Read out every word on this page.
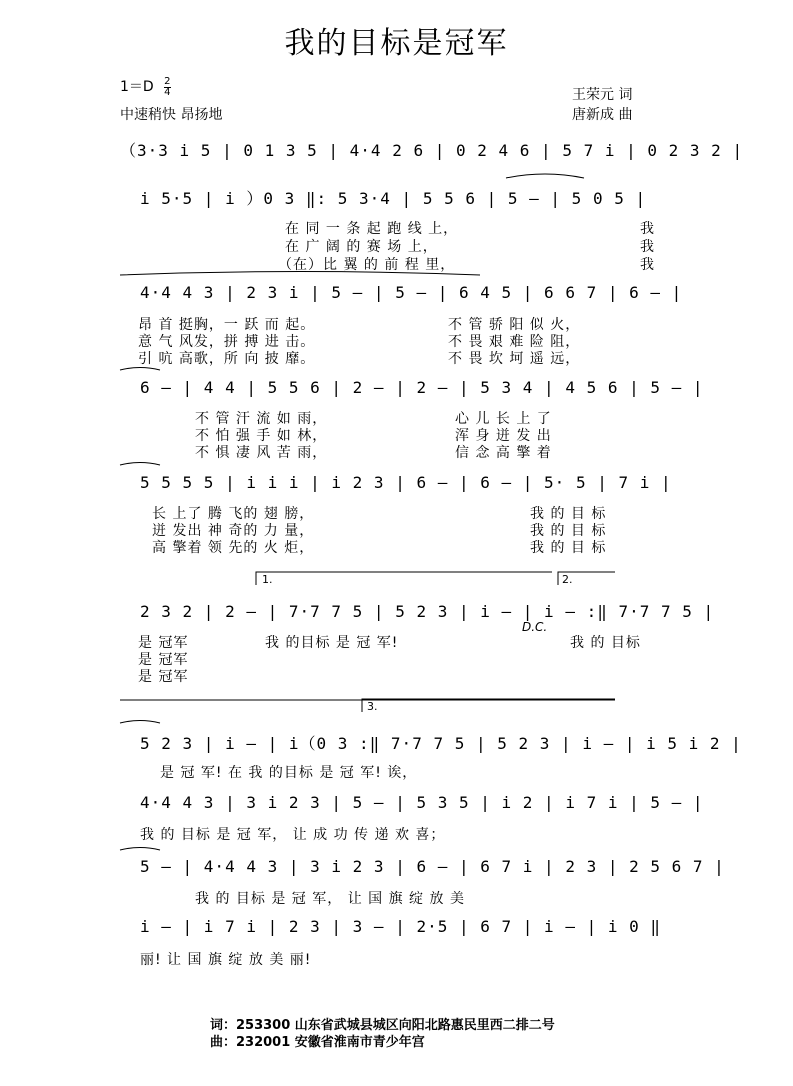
我的目标是冠军
$1=D \frac{2}{4}$
中速稍快 昂扬地
王荣元 词
唐新成 曲
（3·3 i 5 | 0 1 3 5 | 4·4 2 6 | 0 2 4 6 | 5 7 i | 0 2 3 2 |
i 5·5 | i ）0 3 ‖: 5 3·4 | 5 5 6 | 5 — | 5 0 5 |
4·4 4 3 | 2 3 i | 5 — | 5 — | 6 4 5 | 6 6 7 | 6 — |
6 — | 4 4 | 5 5 6 | 2 — | 2 — | 5 3 4 | 4 5 6 | 5 — |
5 5 5 5 | i i i | i 2 3 | 6 — | 6 — | 5· 5 | 7 i |
2 3 2 | 2 — | 7·7 7 5 | 5 2 3 | i — | i — :‖ 7·7 7 5 |
5 2 3 | i — | i（0 3 :‖ 7·7 7 5 | 5 2 3 | i — | i 5 i 2 |
4·4 4 3 | 3 i 2 3 | 5 — | 5 3 5 | i 2 | i 7 i | 5 — |
5 — | 4·4 4 3 | 3 i 2 3 | 6 — | 6 7 i | 2 3 | 2 5 6 7 |
i — | i 7 i | 2 3 | 3 — | 2·5 | 6 7 | i — | i 0 ‖
1.	2.
3.
D.C.
在 同 一 条 起 跑 线 上，
在 广 阔 的 赛 场 上，
（在）比 翼 的 前 程 里，
我
我
我
昂 首 挺胸，一 跃 而 起。
意 气 风发，拼 搏 进 击。
引 吭 高歌，所 向 披 靡。
不 管 骄 阳 似 火，
不 畏 艰 难 险 阻，
不 畏 坎 坷 遥 远，
不 管 汗 流 如 雨，
不 怕 强 手 如 林，
不 惧 凄 风 苦 雨，
心 儿 长 上 了
浑 身 迸 发 出
信 念 高 擎 着
长 上了 腾 飞的 翅 膀，
迸 发出 神 奇的 力 量，
高 擎着 领 先的 火 炬，
我 的 目 标
我 的 目 标
我 的 目 标
是 冠军
是 冠军
是 冠军
我 的目标 是 冠 军!	我 的 目标
是 冠 军! 在 我 的目标 是 冠 军! 诶，
我 的 目标 是 冠 军， 让 成 功 传 递 欢 喜；
我 的 目标 是 冠 军， 让 国 旗 绽 放 美
丽! 让 国 旗 绽 放 美 丽!
词：253300 山东省武城县城区向阳北路惠民里西二排二号
曲：232001 安徽省淮南市青少年宫
